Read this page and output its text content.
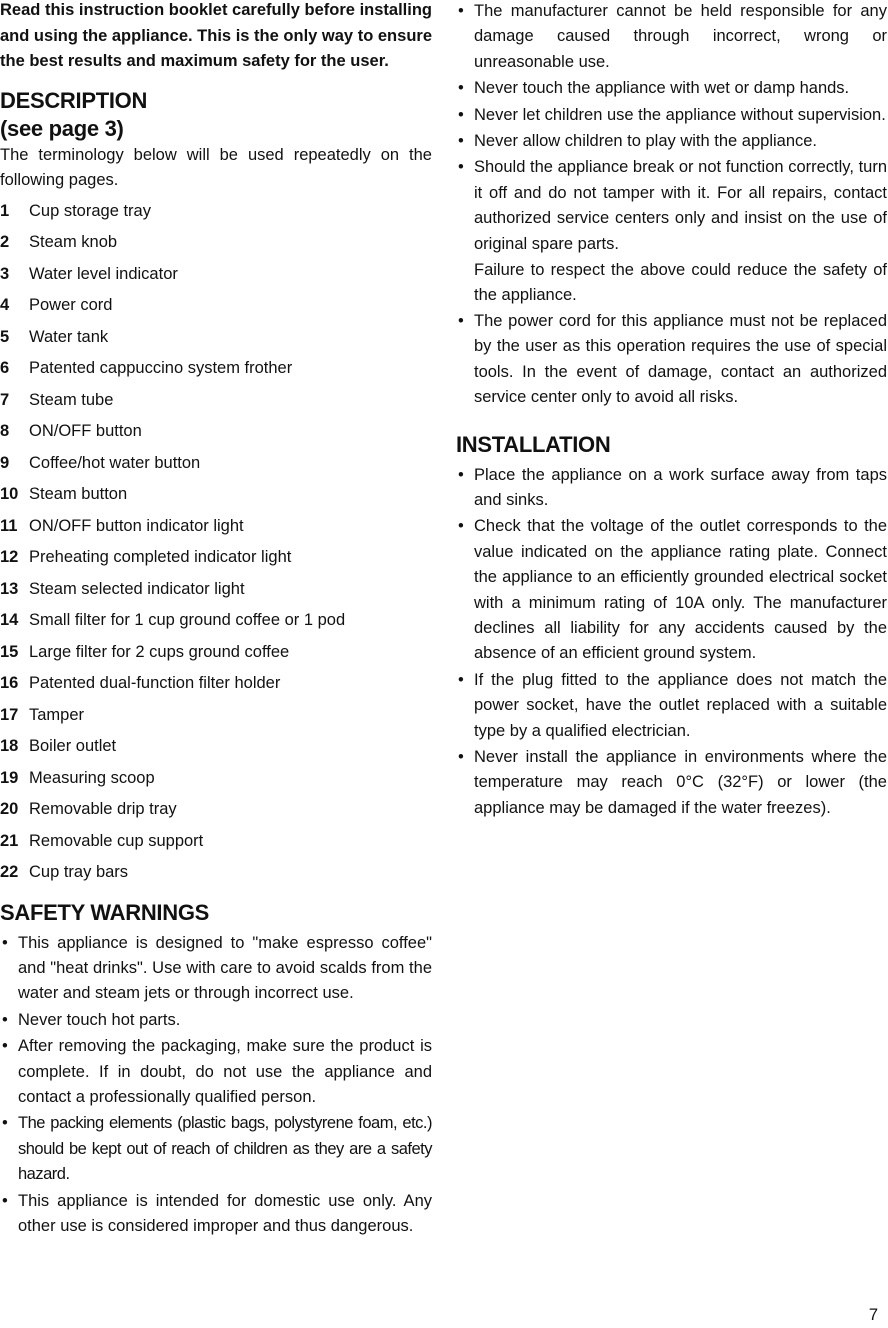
Read this instruction booklet carefully before installing and using the appliance. This is the only way to ensure the best results and maximum safety for the user.

DESCRIPTION
(see page 3)

The terminology below will be used repeatedly on the following pages.

1	Cup storage tray
2	Steam knob
3	Water level indicator
4	Power cord
5	Water tank
6	Patented cappuccino system frother
7	Steam tube
8	ON/OFF button
9	Coffee/hot water button
10 Steam button
11 ON/OFF button indicator light
12 Preheating completed indicator light
13 Steam selected indicator light
14 Small filter for 1 cup ground coffee or 1 pod
15 Large filter for 2 cups ground coffee
16 Patented dual-function filter holder
17 Tamper
18 Boiler outlet
19 Measuring scoop
20 Removable drip tray
21 Removable cup support
22 Cup tray bars
SAFETY WARNINGS
• This appliance is designed to "make espresso coffee" and "heat drinks". Use with care to avoid scalds from the water and steam jets or through incorrect use.
• Never touch hot parts.
• After removing the packaging, make sure the product is complete. If in doubt, do not use the appliance and contact a professionally qualified person.
• The packing elements (plastic bags, polystyrene foam, etc.) should be kept out of reach of children as they are a safety hazard.
• This appliance is intended for domestic use only. Any other use is considered improper and thus dangerous.
• The manufacturer cannot be held responsible for any damage caused through incorrect, wrong or unreasonable use.
• Never touch the appliance with wet or damp hands.
• Never let children use the appliance without supervision.
• Never allow children to play with the appliance.
• Should the appliance break or not function correctly, turn it off and do not tamper with it. For all repairs, contact authorized service centers only and insist on the use of original spare parts.

Failure to respect the above could reduce the safety of the appliance.

• The power cord for this appliance must not be replaced by the user as this operation requires the use of special tools. In the event of damage, contact an authorized service center only to avoid all risks.
INSTALLATION
• Place the appliance on a work surface away from taps and sinks.
• Check that the voltage of the outlet corresponds to the value indicated on the appliance rating plate. Connect the appliance to an efficiently grounded electrical socket with a minimum rating of 10A only. The manufacturer declines all liability for any accidents caused by the absence of an efficient ground system.
• If the plug fitted to the appliance does not match the power socket, have the outlet replaced with a suitable type by a qualified electrician.
• Never install the appliance in environments where the temperature may reach 0°C (32°F) or lower (the appliance may be damaged if the water freezes).
7
